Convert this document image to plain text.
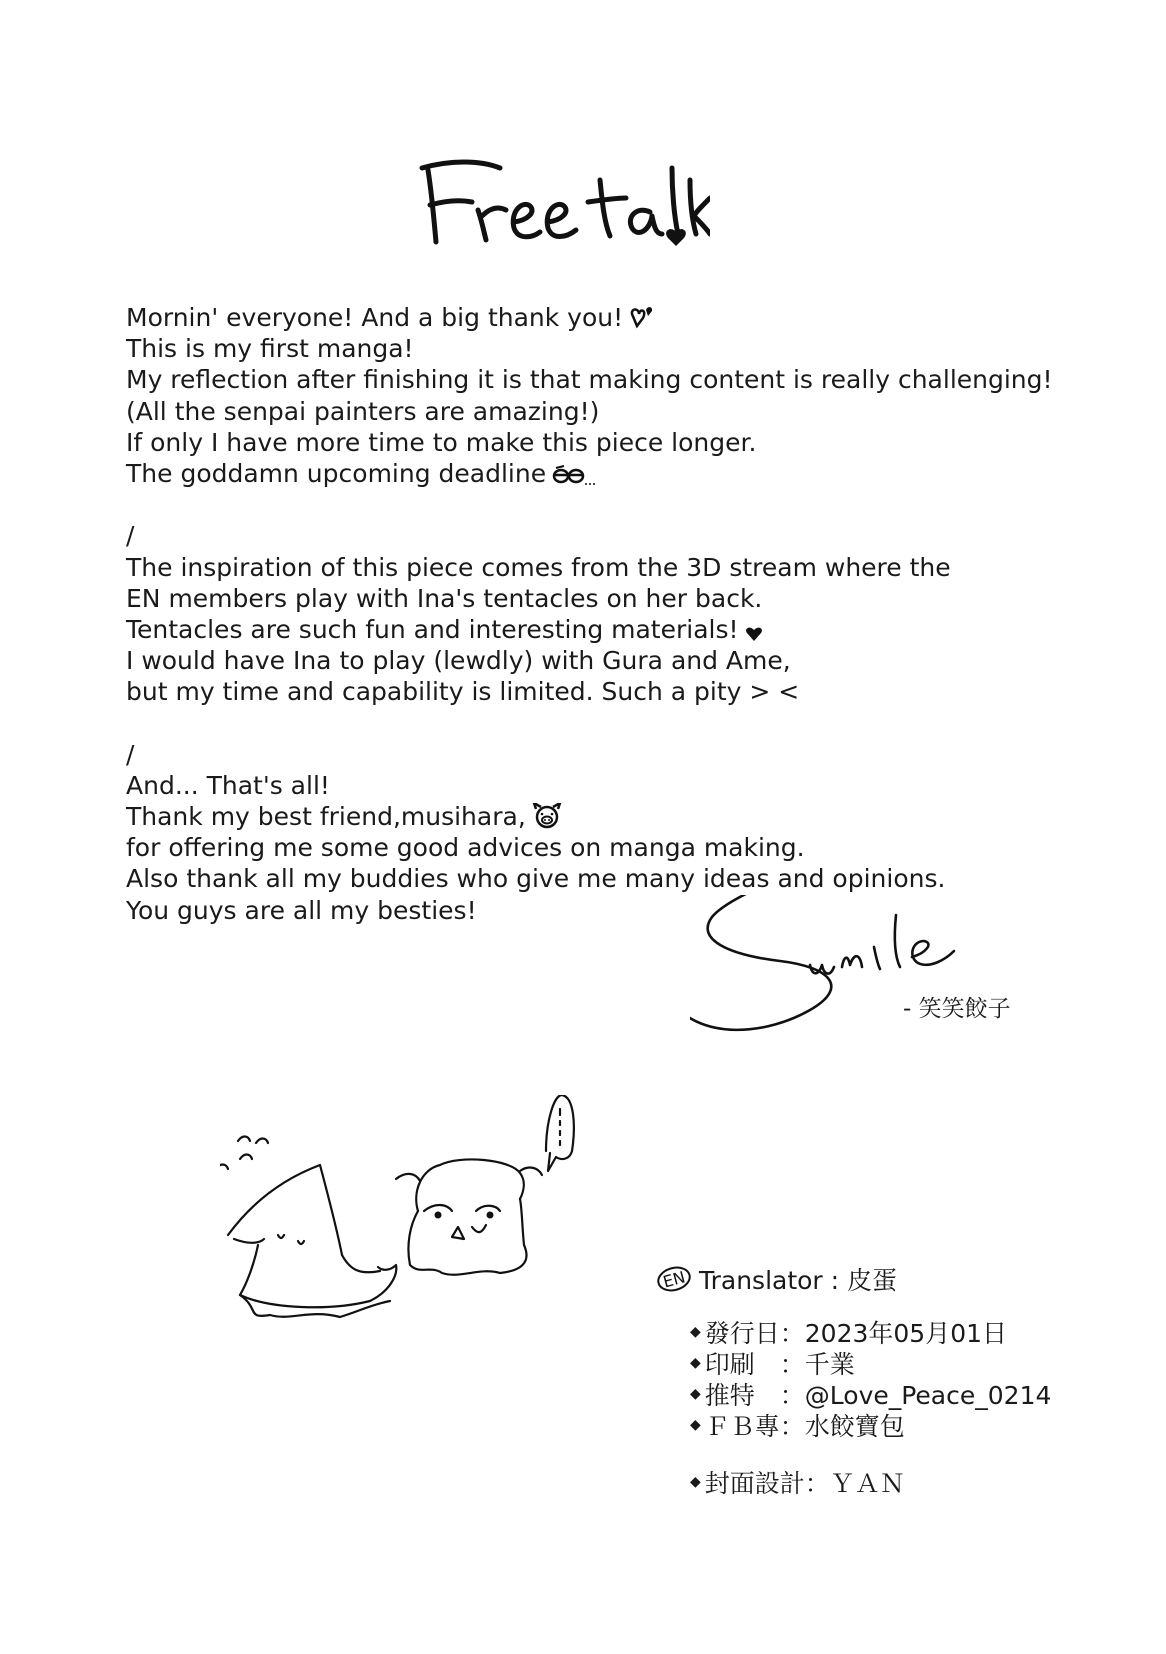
Mornin' everyone! And a big thank you!
This is my first manga!
My reflection after finishing it is that making content is really challenging!
(All the senpai painters are amazing!)
If only I have more time to make this piece longer.
The goddamn upcoming deadline
/
The inspiration of this piece comes from the 3D stream where the
EN members play with Ina's tentacles on her back.
Tentacles are such fun and interesting materials!
I would have Ina to play (lewdly) with Gura and Ame,
but my time and capability is limited. Such a pity > <
/
And... That's all!
Thank my best friend,musihara,
for offering me some good advices on manga making.
Also thank all my buddies who give me many ideas and opinions.
You guys are all my besties!
- 笑笑餃子
EN Translator : 皮蛋
◆ 發行日：2023年05月01日
◆ 印刷　：千業
◆ 推特　：@Love_Peace_0214
◆ ＦＢ專：水餃寶包
◆ 封面設計：ＹＡＮ
